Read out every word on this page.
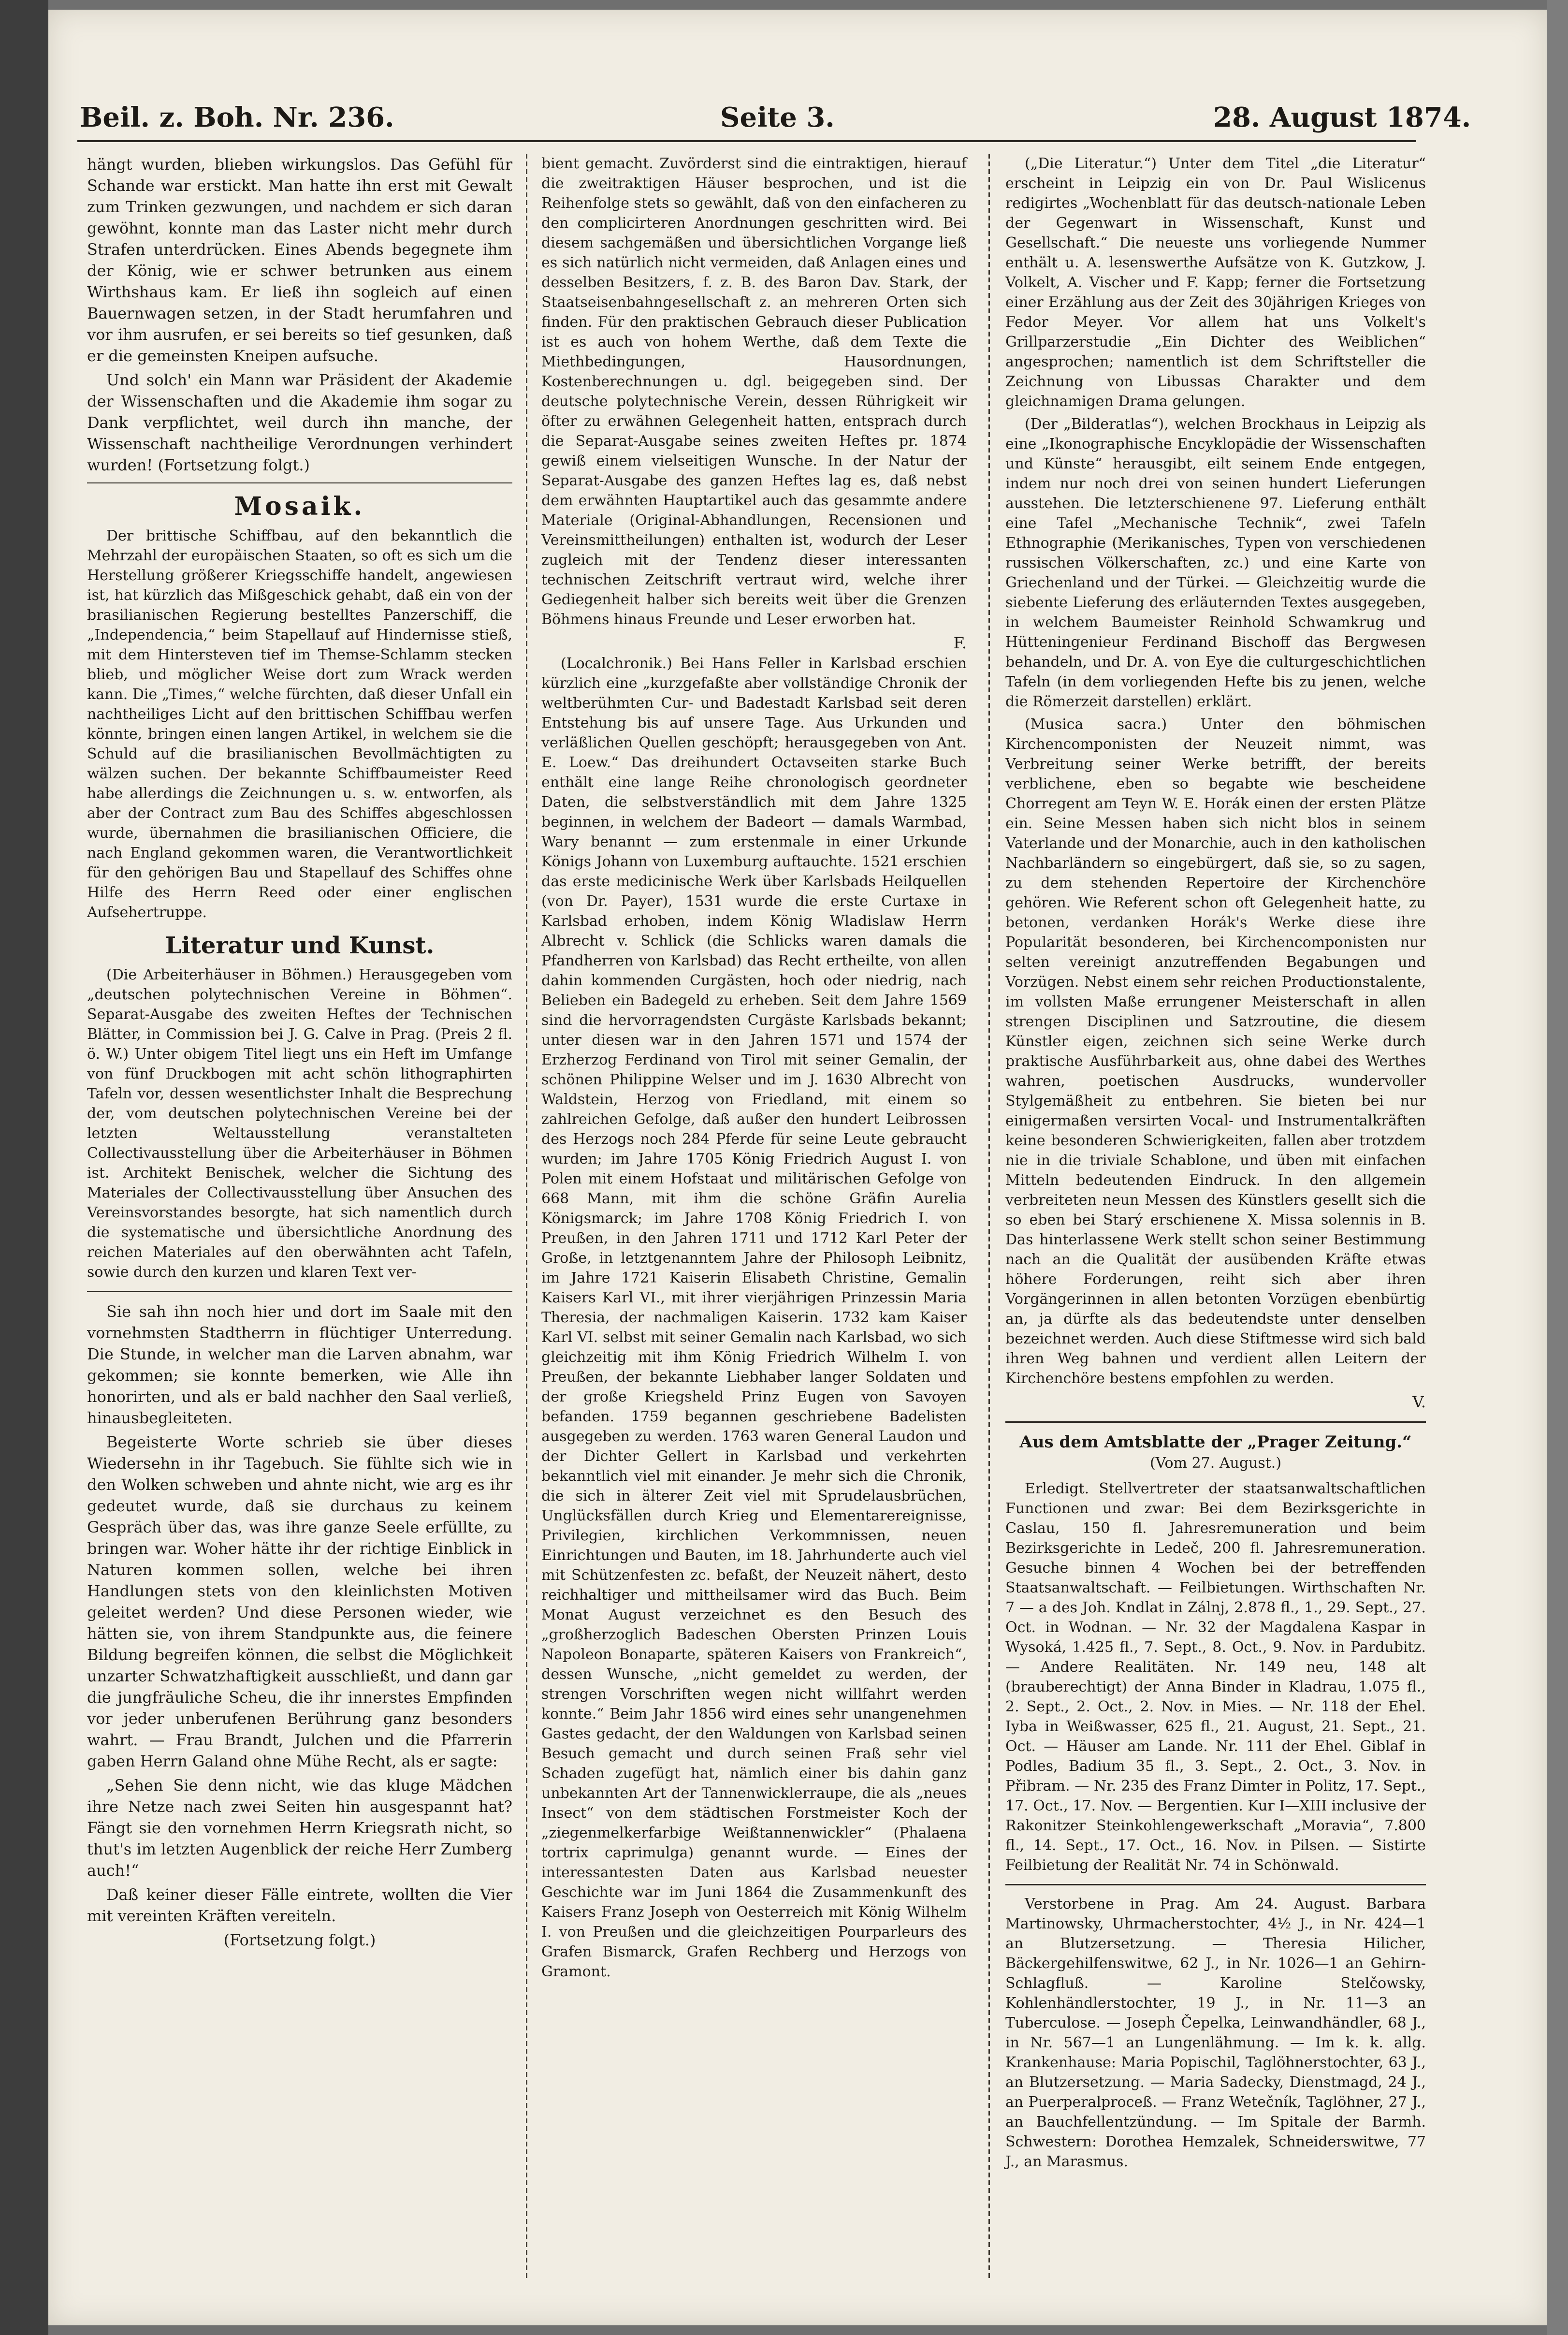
Beil. z. Boh. Nr. 236.	Seite 3.	28. August 1874.

hängt wurden, blieben wirkungslos. Das Gefühl für Schande war erstickt. Man hatte ihn erst mit Gewalt zum Trinken gezwungen, und nachdem er sich daran gewöhnt, konnte man das Laster nicht mehr durch Strafen unterdrücken. Eines Abends begegnete ihm der König, wie er schwer betrunken aus einem Wirthshaus kam. Er ließ ihn sogleich auf einen Bauernwagen setzen, in der Stadt herumfahren und vor ihm ausrufen, er sei bereits so tief gesunken, daß er die gemeinsten Kneipen aufsuche.

Und solch' ein Mann war Präsident der Akademie der Wissenschaften und die Akademie ihm sogar zu Dank verpflichtet, weil durch ihn manche, der Wissenschaft nachtheilige Verordnungen verhindert wurden! (Fortsetzung folgt.)

Mosaik.

Der brittische Schiffbau, auf den bekanntlich die Mehrzahl der europäischen Staaten, so oft es sich um die Herstellung größerer Kriegsschiffe handelt, angewiesen ist, hat kürzlich das Mißgeschick gehabt, daß ein von der brasilianischen Regierung bestelltes Panzerschiff, die „Independencia,“ beim Stapellauf auf Hindernisse stieß, mit dem Hintersteven tief im Themse-Schlamm stecken blieb, und möglicher Weise dort zum Wrack werden kann. Die „Times,“ welche fürchten, daß dieser Unfall ein nachtheiliges Licht auf den brittischen Schiffbau werfen könnte, bringen einen langen Artikel, in welchem sie die Schuld auf die brasilianischen Bevollmächtigten zu wälzen suchen. Der bekannte Schiffbaumeister Reed habe allerdings die Zeichnungen u. s. w. entworfen, als aber der Contract zum Bau des Schiffes abgeschlossen wurde, übernahmen die brasilianischen Officiere, die nach England gekommen waren, die Verantwortlichkeit für den gehörigen Bau und Stapellauf des Schiffes ohne Hilfe des Herrn Reed oder einer englischen Aufsehertruppe.

Literatur und Kunst.

(Die Arbeiterhäuser in Böhmen.) Herausgegeben vom „deutschen polytechnischen Vereine in Böhmen“. Separat-Ausgabe des zweiten Heftes der Technischen Blätter, in Commission bei J. G. Calve in Prag. (Preis 2 fl. ö. W.) Unter obigem Titel liegt uns ein Heft im Umfange von fünf Druckbogen mit acht schön lithographirten Tafeln vor, dessen wesentlichster Inhalt die Besprechung der, vom deutschen polytechnischen Vereine bei der letzten Weltausstellung veranstalteten Collectivausstellung über die Arbeiterhäuser in Böhmen ist. Architekt Benischek, welcher die Sichtung des Materiales der Collectivausstellung über Ansuchen des Vereinsvorstandes besorgte, hat sich namentlich durch die systematische und übersichtliche Anordnung des reichen Materiales auf den oberwähnten acht Tafeln, sowie durch den kurzen und klaren Text ver-

Sie sah ihn noch hier und dort im Saale mit den vornehmsten Stadtherrn in flüchtiger Unterredung. Die Stunde, in welcher man die Larven abnahm, war gekommen; sie konnte bemerken, wie Alle ihn honorirten, und als er bald nachher den Saal verließ, hinausbegleiteten.

Begeisterte Worte schrieb sie über dieses Wiedersehn in ihr Tagebuch. Sie fühlte sich wie in den Wolken schweben und ahnte nicht, wie arg es ihr gedeutet wurde, daß sie durchaus zu keinem Gespräch über das, was ihre ganze Seele erfüllte, zu bringen war. Woher hätte ihr der richtige Einblick in Naturen kommen sollen, welche bei ihren Handlungen stets von den kleinlichsten Motiven geleitet werden? Und diese Personen wieder, wie hätten sie, von ihrem Standpunkte aus, die feinere Bildung begreifen können, die selbst die Möglichkeit unzarter Schwatzhaftigkeit ausschließt, und dann gar die jungfräuliche Scheu, die ihr innerstes Empfinden vor jeder unberufenen Berührung ganz besonders wahrt. — Frau Brandt, Julchen und die Pfarrerin gaben Herrn Galand ohne Mühe Recht, als er sagte:

„Sehen Sie denn nicht, wie das kluge Mädchen ihre Netze nach zwei Seiten hin ausgespannt hat? Fängt sie den vornehmen Herrn Kriegsrath nicht, so thut's im letzten Augenblick der reiche Herr Zumberg auch!“

Daß keiner dieser Fälle eintrete, wollten die Vier mit vereinten Kräften vereiteln.

(Fortsetzung folgt.)

bient gemacht. Zuvörderst sind die eintraktigen, hierauf die zweitraktigen Häuser besprochen, und ist die Reihenfolge stets so gewählt, daß von den einfacheren zu den complicirteren Anordnungen geschritten wird. Bei diesem sachgemäßen und übersichtlichen Vorgange ließ es sich natürlich nicht vermeiden, daß Anlagen eines und desselben Besitzers, f. z. B. des Baron Dav. Stark, der Staatseisenbahngesellschaft z. an mehreren Orten sich finden. Für den praktischen Gebrauch dieser Publication ist es auch von hohem Werthe, daß dem Texte die Miethbedingungen, Hausordnungen, Kostenberechnungen u. dgl. beigegeben sind. Der deutsche polytechnische Verein, dessen Rührigkeit wir öfter zu erwähnen Gelegenheit hatten, entsprach durch die Separat-Ausgabe seines zweiten Heftes pr. 1874 gewiß einem vielseitigen Wunsche. In der Natur der Separat-Ausgabe des ganzen Heftes lag es, daß nebst dem erwähnten Hauptartikel auch das gesammte andere Materiale (Original-Abhandlungen, Recensionen und Vereinsmittheilungen) enthalten ist, wodurch der Leser zugleich mit der Tendenz dieser interessanten technischen Zeitschrift vertraut wird, welche ihrer Gediegenheit halber sich bereits weit über die Grenzen Böhmens hinaus Freunde und Leser erworben hat.

F.

(Localchronik.) Bei Hans Feller in Karlsbad erschien kürzlich eine „kurzgefaßte aber vollständige Chronik der weltberühmten Cur- und Badestadt Karlsbad seit deren Entstehung bis auf unsere Tage. Aus Urkunden und verläßlichen Quellen geschöpft; herausgegeben von Ant. E. Loew.“ Das dreihundert Octavseiten starke Buch enthält eine lange Reihe chronologisch geordneter Daten, die selbstverständlich mit dem Jahre 1325 beginnen, in welchem der Badeort — damals Warmbad, Wary benannt — zum erstenmale in einer Urkunde Königs Johann von Luxemburg auftauchte. 1521 erschien das erste medicinische Werk über Karlsbads Heilquellen (von Dr. Payer), 1531 wurde die erste Curtaxe in Karlsbad erhoben, indem König Wladislaw Herrn Albrecht v. Schlick (die Schlicks waren damals die Pfandherren von Karlsbad) das Recht ertheilte, von allen dahin kommenden Curgästen, hoch oder niedrig, nach Belieben ein Badegeld zu erheben. Seit dem Jahre 1569 sind die hervorragendsten Curgäste Karlsbads bekannt; unter diesen war in den Jahren 1571 und 1574 der Erzherzog Ferdinand von Tirol mit seiner Gemalin, der schönen Philippine Welser und im J. 1630 Albrecht von Waldstein, Herzog von Friedland, mit einem so zahlreichen Gefolge, daß außer den hundert Leibrossen des Herzogs noch 284 Pferde für seine Leute gebraucht wurden; im Jahre 1705 König Friedrich August I. von Polen mit einem Hofstaat und militärischen Gefolge von 668 Mann, mit ihm die schöne Gräfin Aurelia Königsmarck; im Jahre 1708 König Friedrich I. von Preußen, in den Jahren 1711 und 1712 Karl Peter der Große, in letztgenanntem Jahre der Philosoph Leibnitz, im Jahre 1721 Kaiserin Elisabeth Christine, Gemalin Kaisers Karl VI., mit ihrer vierjährigen Prinzessin Maria Theresia, der nachmaligen Kaiserin. 1732 kam Kaiser Karl VI. selbst mit seiner Gemalin nach Karlsbad, wo sich gleichzeitig mit ihm König Friedrich Wilhelm I. von Preußen, der bekannte Liebhaber langer Soldaten und der große Kriegsheld Prinz Eugen von Savoyen befanden. 1759 begannen geschriebene Badelisten ausgegeben zu werden. 1763 waren General Laudon und der Dichter Gellert in Karlsbad und verkehrten bekanntlich viel mit einander. Je mehr sich die Chronik, die sich in älterer Zeit viel mit Sprudelausbrüchen, Unglücksfällen durch Krieg und Elementarereignisse, Privilegien, kirchlichen Verkommnissen, neuen Einrichtungen und Bauten, im 18. Jahrhunderte auch viel mit Schützenfesten zc. befaßt, der Neuzeit nähert, desto reichhaltiger und mittheilsamer wird das Buch. Beim Monat August verzeichnet es den Besuch des „großherzoglich Badeschen Obersten Prinzen Louis Napoleon Bonaparte, späteren Kaisers von Frankreich“, dessen Wunsche, „nicht gemeldet zu werden, der strengen Vorschriften wegen nicht willfahrt werden konnte.“ Beim Jahr 1856 wird eines sehr unangenehmen Gastes gedacht, der den Waldungen von Karlsbad seinen Besuch gemacht und durch seinen Fraß sehr viel Schaden zugefügt hat, nämlich einer bis dahin ganz unbekannten Art der Tannenwicklerraupe, die als „neues Insect“ von dem städtischen Forstmeister Koch der „ziegenmelkerfarbige Weißtannenwickler“ (Phalaena tortrix caprimulga) genannt wurde. — Eines der interessantesten Daten aus Karlsbad neuester Geschichte war im Juni 1864 die Zusammenkunft des Kaisers Franz Joseph von Oesterreich mit König Wilhelm I. von Preußen und die gleichzeitigen Pourparleurs des Grafen Bismarck, Grafen Rechberg und Herzogs von Gramont.

(„Die Literatur.“) Unter dem Titel „die Literatur“ erscheint in Leipzig ein von Dr. Paul Wislicenus redigirtes „Wochenblatt für das deutsch-nationale Leben der Gegenwart in Wissenschaft, Kunst und Gesellschaft.“ Die neueste uns vorliegende Nummer enthält u. A. lesenswerthe Aufsätze von K. Gutzkow, J. Volkelt, A. Vischer und F. Kapp; ferner die Fortsetzung einer Erzählung aus der Zeit des 30jährigen Krieges von Fedor Meyer. Vor allem hat uns Volkelt's Grillparzerstudie „Ein Dichter des Weiblichen“ angesprochen; namentlich ist dem Schriftsteller die Zeichnung von Libussas Charakter und dem gleichnamigen Drama gelungen.

(Der „Bilderatlas“), welchen Brockhaus in Leipzig als eine „Ikonographische Encyklopädie der Wissenschaften und Künste“ herausgibt, eilt seinem Ende entgegen, indem nur noch drei von seinen hundert Lieferungen ausstehen. Die letzterschienene 97. Lieferung enthält eine Tafel „Mechanische Technik“, zwei Tafeln Ethnographie (Merikanisches, Typen von verschiedenen russischen Völkerschaften, zc.) und eine Karte von Griechenland und der Türkei. — Gleichzeitig wurde die siebente Lieferung des erläuternden Textes ausgegeben, in welchem Baumeister Reinhold Schwamkrug und Hütteningenieur Ferdinand Bischoff das Bergwesen behandeln, und Dr. A. von Eye die culturgeschichtlichen Tafeln (in dem vorliegenden Hefte bis zu jenen, welche die Römerzeit darstellen) erklärt.

(Musica sacra.) Unter den böhmischen Kirchencomponisten der Neuzeit nimmt, was Verbreitung seiner Werke betrifft, der bereits verblichene, eben so begabte wie bescheidene Chorregent am Teyn W. E. Horák einen der ersten Plätze ein. Seine Messen haben sich nicht blos in seinem Vaterlande und der Monarchie, auch in den katholischen Nachbarländern so eingebürgert, daß sie, so zu sagen, zu dem stehenden Repertoire der Kirchenchöre gehören. Wie Referent schon oft Gelegenheit hatte, zu betonen, verdanken Horák's Werke diese ihre Popularität besonderen, bei Kirchencomponisten nur selten vereinigt anzutreffenden Begabungen und Vorzügen. Nebst einem sehr reichen Productionstalente, im vollsten Maße errungener Meisterschaft in allen strengen Disciplinen und Satzroutine, die diesem Künstler eigen, zeichnen sich seine Werke durch praktische Ausführbarkeit aus, ohne dabei des Werthes wahren, poetischen Ausdrucks, wundervoller Stylgemäßheit zu entbehren. Sie bieten bei nur einigermaßen versirten Vocal- und Instrumentalkräften keine besonderen Schwierigkeiten, fallen aber trotzdem nie in die triviale Schablone, und üben mit einfachen Mitteln bedeutenden Eindruck. In den allgemein verbreiteten neun Messen des Künstlers gesellt sich die so eben bei Starý erschienene X. Missa solennis in B. Das hinterlassene Werk stellt schon seiner Bestimmung nach an die Qualität der ausübenden Kräfte etwas höhere Forderungen, reiht sich aber ihren Vorgängerinnen in allen betonten Vorzügen ebenbürtig an, ja dürfte als das bedeutendste unter denselben bezeichnet werden. Auch diese Stiftmesse wird sich bald ihren Weg bahnen und verdient allen Leitern der Kirchenchöre bestens empfohlen zu werden.

V.
Aus dem Amtsblatte der „Prager Zeitung.“
(Vom 27. August.)

Erledigt. Stellvertreter der staatsanwaltschaftlichen Functionen und zwar: Bei dem Bezirksgerichte in Caslau, 150 fl. Jahresremuneration und beim Bezirksgerichte in Ledeč, 200 fl. Jahresremuneration. Gesuche binnen 4 Wochen bei der betreffenden Staatsanwaltschaft. — Feilbietungen. Wirthschaften Nr. 7 — a des Joh. Kndlat in Zálnj, 2.878 fl., 1., 29. Sept., 27. Oct. in Wodnan. — Nr. 32 der Magdalena Kaspar in Wysoká, 1.425 fl., 7. Sept., 8. Oct., 9. Nov. in Pardubitz. — Andere Realitäten. Nr. 149 neu, 148 alt (brauberechtigt) der Anna Binder in Kladrau, 1.075 fl., 2. Sept., 2. Oct., 2. Nov. in Mies. — Nr. 118 der Ehel. Iyba in Weißwasser, 625 fl., 21. August, 21. Sept., 21. Oct. — Häuser am Lande. Nr. 111 der Ehel. Giblaf in Podles, Badium 35 fl., 3. Sept., 2. Oct., 3. Nov. in Přibram. — Nr. 235 des Franz Dimter in Politz, 17. Sept., 17. Oct., 17. Nov. — Bergentien. Kur I—XIII inclusive der Rakonitzer Steinkohlengewerkschaft „Moravia“, 7.800 fl., 14. Sept., 17. Oct., 16. Nov. in Pilsen. — Sistirte Feilbietung der Realität Nr. 74 in Schönwald.

Verstorbene in Prag. Am 24. August. Barbara Martinowsky, Uhrmacherstochter, 4½ J., in Nr. 424—1 an Blutzersetzung. — Theresia Hilicher, Bäckergehilfenswitwe, 62 J., in Nr. 1026—1 an Gehirn-Schlagfluß. — Karoline Stelčowsky, Kohlenhändlerstochter, 19 J., in Nr. 11—3 an Tuberculose. — Joseph Čepelka, Leinwandhändler, 68 J., in Nr. 567—1 an Lungenlähmung. — Im k. k. allg. Krankenhause: Maria Popischil, Taglöhnerstochter, 63 J., an Blutzersetzung. — Maria Sadecky, Dienstmagd, 24 J., an Puerperalproceß. — Franz Wetečník, Taglöhner, 27 J., an Bauchfellentzündung. — Im Spitale der Barmh. Schwestern: Dorothea Hemzalek, Schneiderswitwe, 77 J., an Marasmus.
